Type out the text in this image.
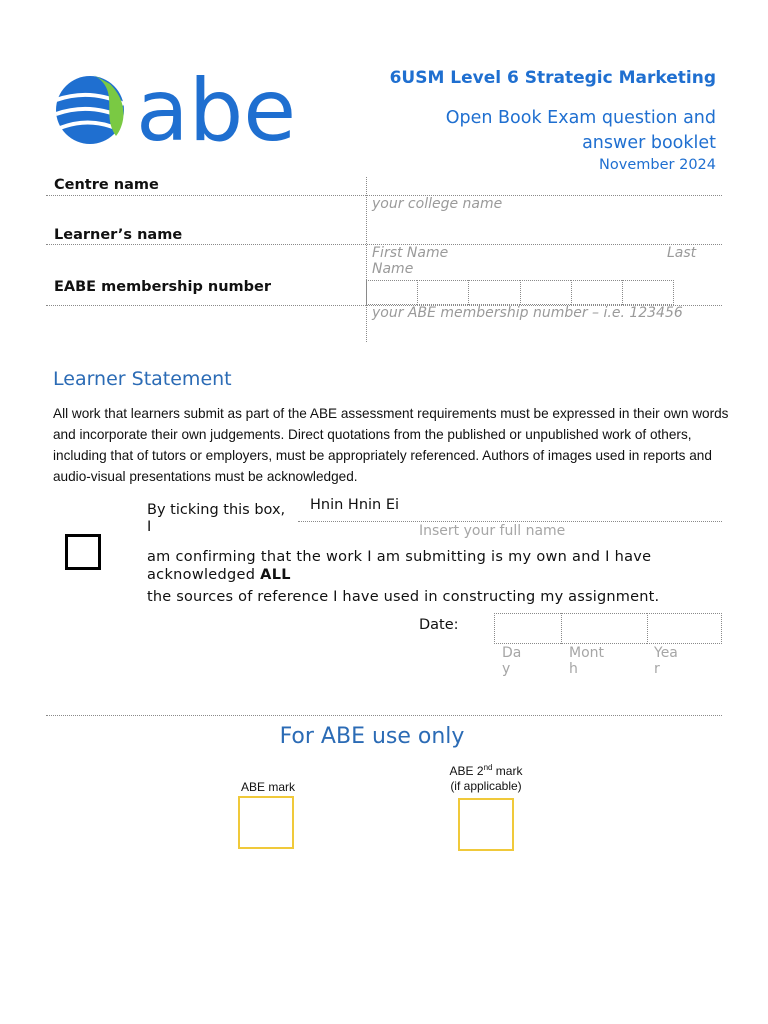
abe	6USM Level 6 Strategic Marketing
Open Book Exam question and
answer booklet
November 2024
Centre name
your college name
Learner’s name
First Name	Last
Name
EABE membership number
your ABE membership number – i.e. 123456
Learner Statement
All work that learners submit as part of the ABE assessment requirements must be expressed in their own words and incorporate their own judgements. Direct quotations from the published or unpublished work of others, including that of tutors or employers, must be appropriately referenced. Authors of images used in reports and audio-visual presentations must be acknowledged.
By ticking this box, I
Hnin Hnin Ei
Insert your full name
am confirming that the work I am submitting is my own and I have acknowledged ALL
the sources of reference I have used in constructing my assignment.
Date:
Da
y
Mont
h
Yea
r
For ABE use only
ABE mark
ABE 2nd mark
(if applicable)
